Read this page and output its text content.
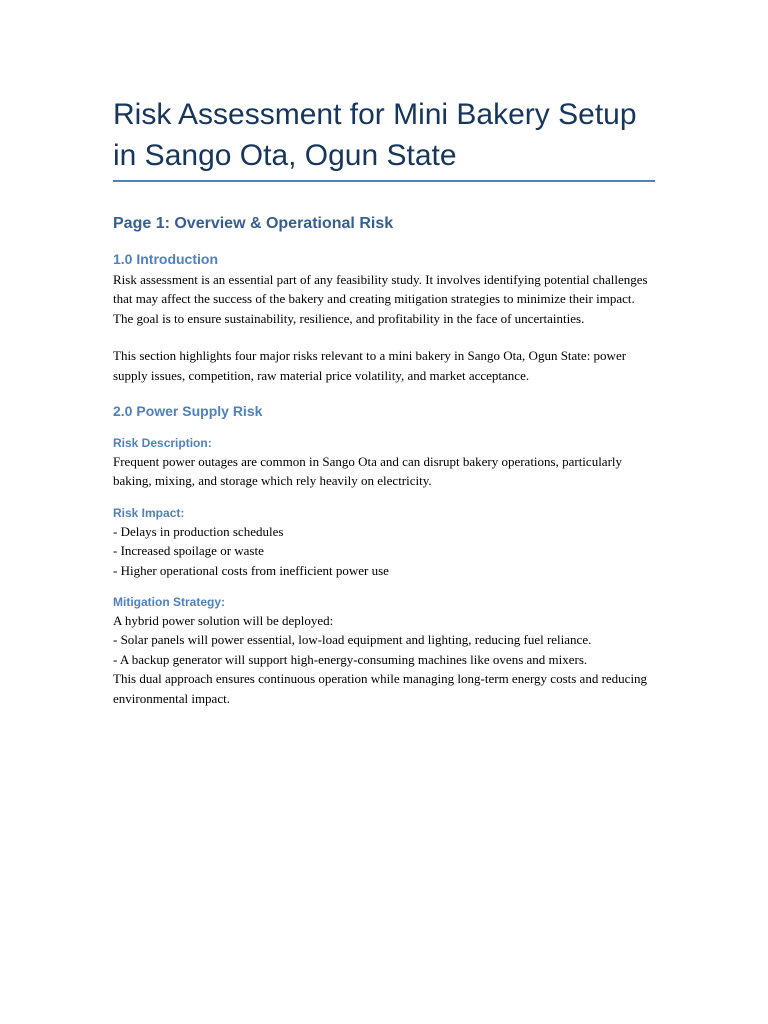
Risk Assessment for Mini Bakery Setup
in Sango Ota, Ogun State
Page 1: Overview & Operational Risk
1.0 Introduction

Risk assessment is an essential part of any feasibility study. It involves identifying potential challenges that may affect the success of the bakery and creating mitigation strategies to minimize their impact. The goal is to ensure sustainability, resilience, and profitability in the face of uncertainties.

This section highlights four major risks relevant to a mini bakery in Sango Ota, Ogun State: power supply issues, competition, raw material price volatility, and market acceptance.

2.0 Power Supply Risk
Risk Description:

Frequent power outages are common in Sango Ota and can disrupt bakery operations, particularly baking, mixing, and storage which rely heavily on electricity.

Risk Impact:
- Delays in production schedules
- Increased spoilage or waste
- Higher operational costs from inefficient power use
Mitigation Strategy:
A hybrid power solution will be deployed:
- Solar panels will power essential, low-load equipment and lighting, reducing fuel reliance.
- A backup generator will support high-energy-consuming machines like ovens and mixers.
This dual approach ensures continuous operation while managing long-term energy costs and reducing environmental impact.
